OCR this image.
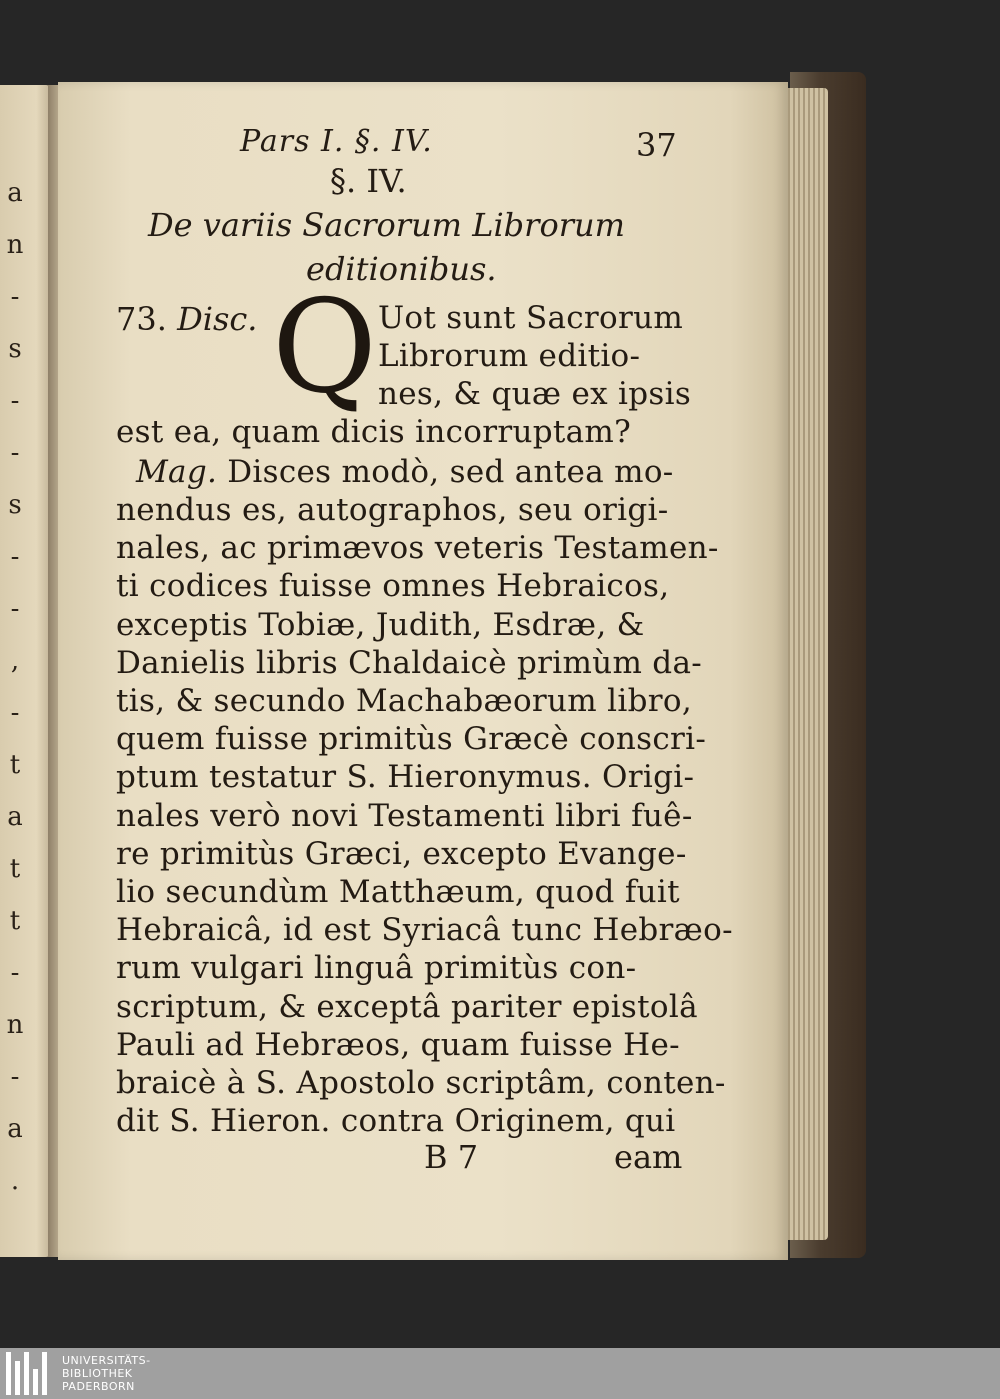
a
n
-
s
-
-
s
-
-
,
-
t
a
t
t
-
n
-
a
.
Pars I. §. IV.	37
§. IV.
De variis Sacrorum Librorum
editionibus.
73. Disc. Q Uot sunt Sacrorum
Librorum editio-
nes, & quæ ex ipsis
est ea, quam dicis incorruptam?
Mag. Disces modò, sed antea mo-
nendus es, autographos, seu origi-
nales, ac primævos veteris Testamen-
ti codices fuisse omnes Hebraicos,
exceptis Tobiæ, Judith, Esdræ, &
Danielis libris Chaldaicè primùm da-
tis, & secundo Machabæorum libro,
quem fuisse primitùs Græcè conscri-
ptum testatur S. Hieronymus. Origi-
nales verò novi Testamenti libri fuê-
re primitùs Græci, excepto Evange-
lio secundùm Matthæum, quod fuit
Hebraicâ, id est Syriacâ tunc Hebræo-
rum vulgari linguâ primitùs con-
scriptum, & exceptâ pariter epistolâ
Pauli ad Hebræos, quam fuisse He-
braicè à S. Apostolo scriptâm, conten-
dit S. Hieron. contra Originem, qui
B 7	eam
UNIVERSITÄTS-
BIBLIOTHEK
PADERBORN
